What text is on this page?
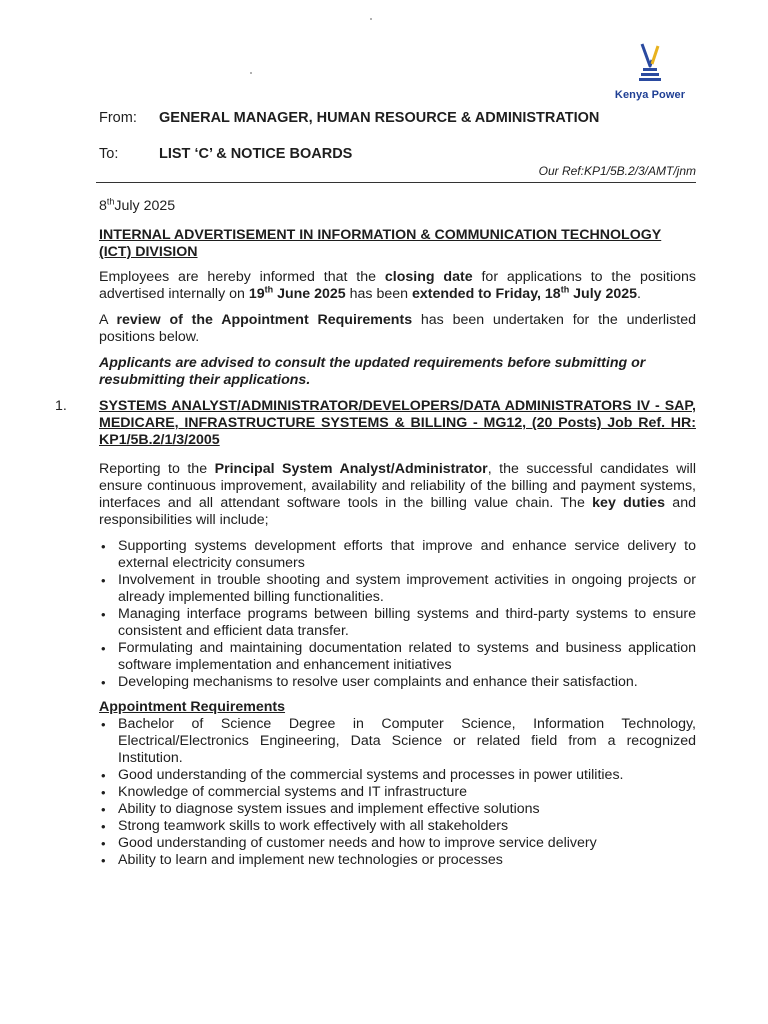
Kenya Power
From: GENERAL MANAGER, HUMAN RESOURCE & ADMINISTRATION
To:	LIST ‘C’ & NOTICE BOARDS
Our Ref:KP1/5B.2/3/AMT/jnm

8thJuly 2025

INTERNAL ADVERTISEMENT IN INFORMATION & COMMUNICATION TECHNOLOGY (ICT) DIVISION

Employees are hereby informed that the closing date for applications to the positions advertised internally on 19th June 2025 has been extended to Friday, 18th July 2025.

A review of the Appointment Requirements has been undertaken for the underlisted positions below.

Applicants are advised to consult the updated requirements before submitting or resubmitting their applications.

1. SYSTEMS ANALYST/ADMINISTRATOR/DEVELOPERS/DATA ADMINISTRATORS IV - SAP, MEDICARE, INFRASTRUCTURE SYSTEMS & BILLING - MG12, (20 Posts) Job Ref. HR: KP1/5B.2/1/3/2005

Reporting to the Principal System Analyst/Administrator, the successful candidates will ensure continuous improvement, availability and reliability of the billing and payment systems, interfaces and all attendant software tools in the billing value chain. The key duties and responsibilities will include;

• Supporting systems development efforts that improve and enhance service delivery to external electricity consumers
• Involvement in trouble shooting and system improvement activities in ongoing projects or already implemented billing functionalities.
• Managing interface programs between billing systems and third-party systems to ensure consistent and efficient data transfer.
• Formulating and maintaining documentation related to systems and business application software implementation and enhancement initiatives
• Developing mechanisms to resolve user complaints and enhance their satisfaction.

Appointment Requirements

• Bachelor of Science Degree in Computer Science, Information Technology, Electrical/Electronics Engineering, Data Science or related field from a recognized Institution.
• Good understanding of the commercial systems and processes in power utilities.
• Knowledge of commercial systems and IT infrastructure
• Ability to diagnose system issues and implement effective solutions
• Strong teamwork skills to work effectively with all stakeholders
• Good understanding of customer needs and how to improve service delivery
• Ability to learn and implement new technologies or processes
